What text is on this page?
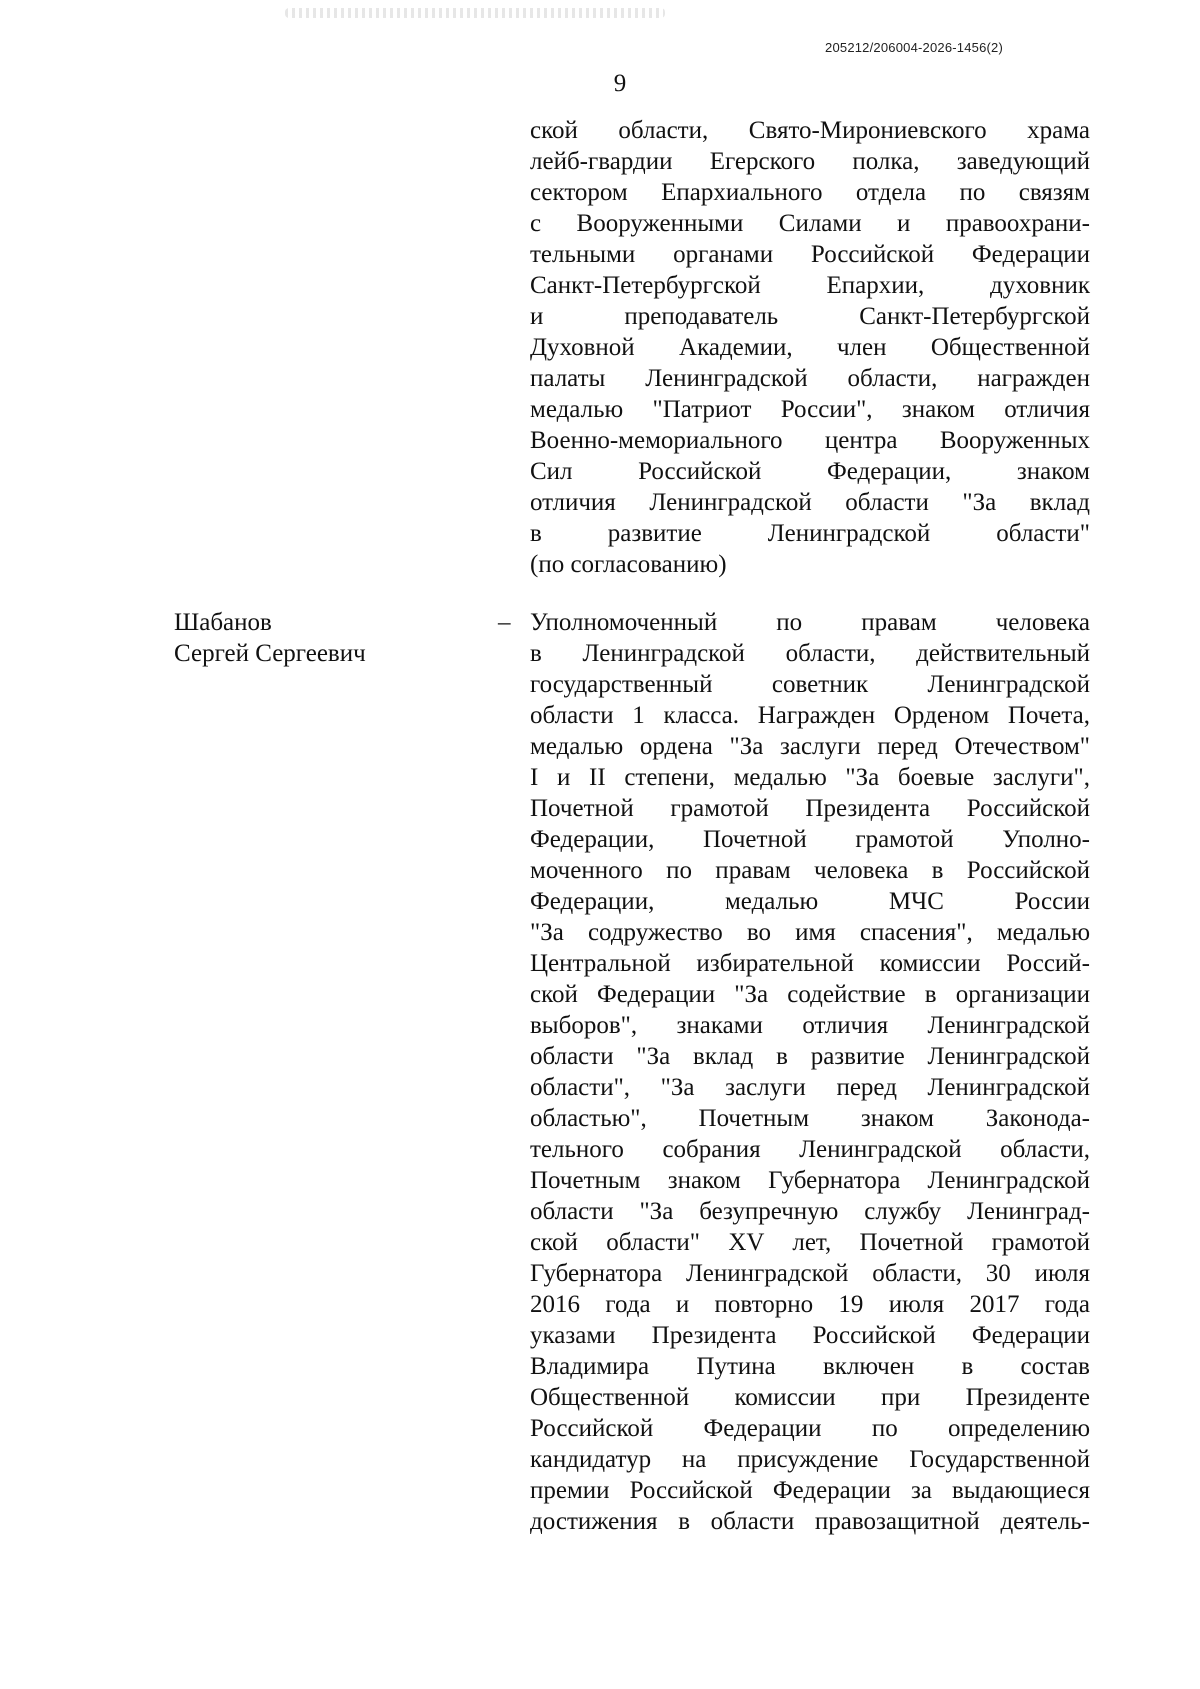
205212/206004-2026-1456(2)
9
ской области, Свято-Мирониевского храма
лейб-гвардии Егерского полка, заведующий
сектором Епархиального отдела по связям
с Вооруженными Силами и правоохрани-
тельными органами Российской Федерации
Санкт-Петербургской Епархии, духовник
и преподаватель Санкт-Петербургской
Духовной Академии, член Общественной
палаты Ленинградской области, награжден
медалью "Патриот России", знаком отличия
Военно-мемориального центра Вооруженных
Сил Российской Федерации, знаком
отличия Ленинградской области "За вклад
в развитие Ленинградской области"
(по согласованию)
Шабанов
Сергей Сергеевич
– Уполномоченный по правам человека
в Ленинградской области, действительный
государственный советник Ленинградской
области 1 класса. Награжден Орденом Почета,
медалью ордена "За заслуги перед Отечеством"
I и II степени, медалью "За боевые заслуги",
Почетной грамотой Президента Российской
Федерации, Почетной грамотой Уполно-
моченного по правам человека в Российской
Федерации, медалью МЧС России
"За содружество во имя спасения", медалью
Центральной избирательной комиссии Россий-
ской Федерации "За содействие в организации
выборов", знаками отличия Ленинградской
области "За вклад в развитие Ленинградской
области", "За заслуги перед Ленинградской
областью", Почетным знаком Законода-
тельного собрания Ленинградской области,
Почетным знаком Губернатора Ленинградской
области "За безупречную службу Ленинград-
ской области" XV лет, Почетной грамотой
Губернатора Ленинградской области, 30 июля
2016 года и повторно 19 июля 2017 года
указами Президента Российской Федерации
Владимира Путина включен в состав
Общественной комиссии при Президенте
Российской Федерации по определению
кандидатур на присуждение Государственной
премии Российской Федерации за выдающиеся
достижения в области правозащитной деятель-
